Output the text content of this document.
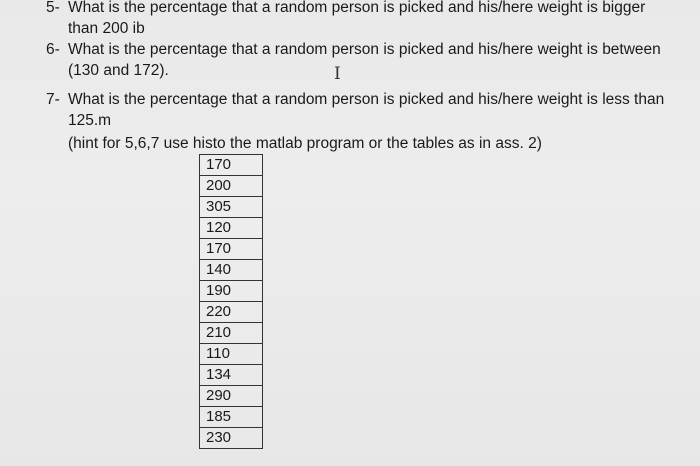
5- What is the percentage that a random person is picked and his/here weight is bigger
than 200 ib
6- What is the percentage that a random person is picked and his/here weight is between
(130 and 172).	I
7- What is the percentage that a random person is picked and his/here weight is less than
125.m
(hint for 5,6,7 use histo the matlab program or the tables as in ass. 2)
170
200
305
120
170
140
190
220
210
110
134
290
185
230
